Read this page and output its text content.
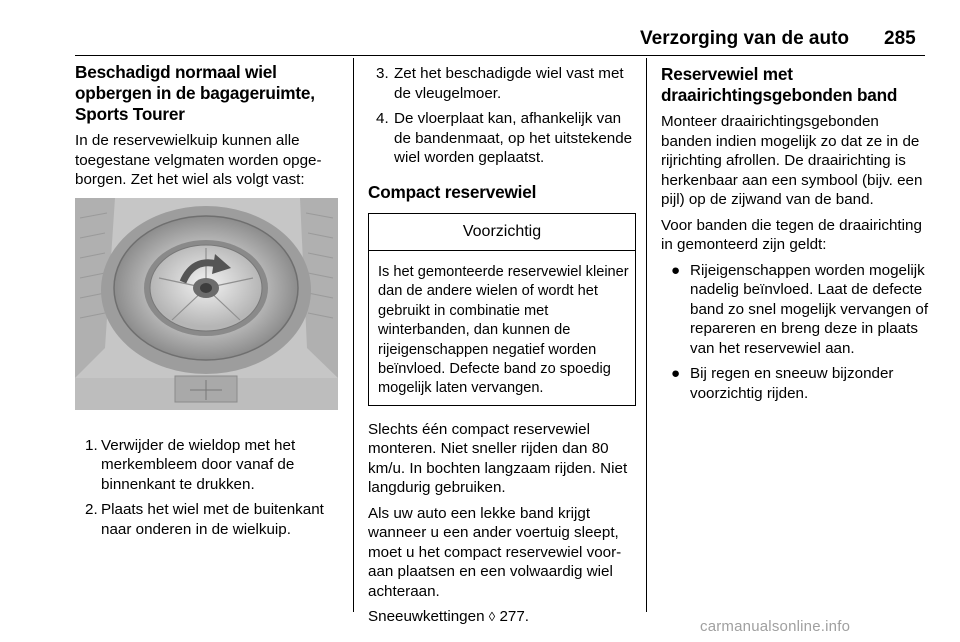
Verzorging van de auto 285
Beschadigd normaal wiel opbergen in de bagageruimte, Sports Tourer

In de reservewielkuip kunnen alle toegestane velgmaten worden opgeborgen. Zet het wiel als volgt vast:

1. Verwijder de wieldop met het merkembleem door vanaf de binnenkant te drukken.
2. Plaats het wiel met de buitenkant naar onderen in de wielkuip.
3. Zet het beschadigde wiel vast met de vleugelmoer.
4. De vloerplaat kan, afhankelijk van de bandenmaat, op het uitstekende wiel worden geplaatst.
Compact reservewiel
Voorzichtig
Is het gemonteerde reservewiel kleiner dan de andere wielen of wordt het gebruikt in combinatie met winterbanden, dan kunnen de rijeigenschappen negatief worden beïnvloed. Defecte band zo spoedig mogelijk laten vervangen.

Slechts één compact reservewiel monteren. Niet sneller rijden dan 80 km/u. In bochten langzaam rijden. Niet langdurig gebruiken.

Als uw auto een lekke band krijgt wanneer u een ander voertuig sleept, moet u het compact reservewiel vooraan plaatsen en een volwaardig wiel achteraan.

Sneeuwkettingen ◊ 277.

Reservewiel met draairichtingsgebonden band

Monteer draairichtingsgebonden banden indien mogelijk zo dat ze in de rijrichting afrollen. De draairichting is herkenbaar aan een symbool (bijv. een pijl) op de zijwand van de band.

Voor banden die tegen de draairichting in gemonteerd zijn geldt:

● Rijeigenschappen worden mogelijk nadelig beïnvloed. Laat de defecte band zo snel mogelijk vervangen of repareren en breng deze in plaats van het reservewiel aan.
● Bij regen en sneeuw bijzonder voorzichtig rijden.
carmanualsonline.info
